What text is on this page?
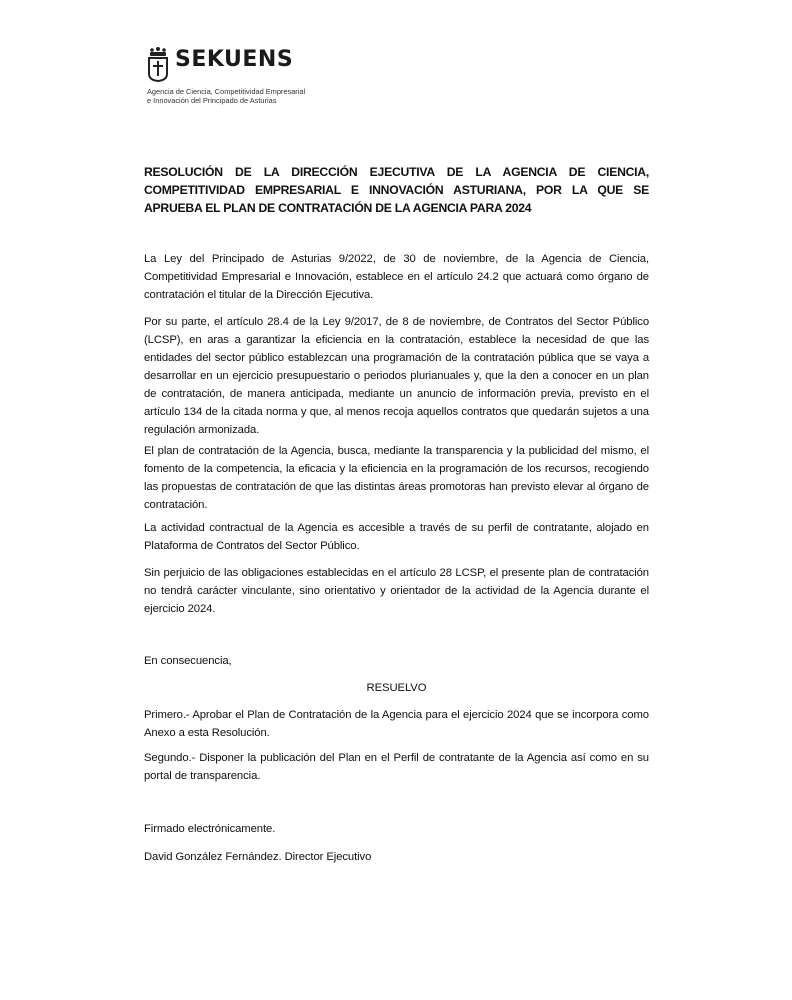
SEKUENS
Agencia de Ciencia, Competitividad Empresarial
e Innovación del Principado de Asturias

RESOLUCIÓN DE LA DIRECCIÓN EJECUTIVA DE LA AGENCIA DE CIENCIA, COMPETITIVIDAD EMPRESARIAL E INNOVACIÓN ASTURIANA, POR LA QUE SE APRUEBA EL PLAN DE CONTRATACIÓN DE LA AGENCIA PARA 2024

La Ley del Principado de Asturias 9/2022, de 30 de noviembre, de la Agencia de Ciencia, Competitividad Empresarial e Innovación, establece en el artículo 24.2 que actuará como órgano de contratación el titular de la Dirección Ejecutiva.

Por su parte, el artículo 28.4 de la Ley 9/2017, de 8 de noviembre, de Contratos del Sector Público (LCSP), en aras a garantizar la eficiencia en la contratación, establece la necesidad de que las entidades del sector público establezcan una programación de la contratación pública que se vaya a desarrollar en un ejercicio presupuestario o periodos plurianuales y, que la den a conocer en un plan de contratación, de manera anticipada, mediante un anuncio de información previa, previsto en el artículo 134 de la citada norma y que, al menos recoja aquellos contratos que quedarán sujetos a una regulación armonizada.

El plan de contratación de la Agencia, busca, mediante la transparencia y la publicidad del mismo, el fomento de la competencia, la eficacia y la eficiencia en la programación de los recursos, recogiendo las propuestas de contratación de que las distintas áreas promotoras han previsto elevar al órgano de contratación.

La actividad contractual de la Agencia es accesible a través de su perfil de contratante, alojado en Plataforma de Contratos del Sector Público.

Sin perjuicio de las obligaciones establecidas en el artículo 28 LCSP, el presente plan de contratación no tendrá carácter vinculante, sino orientativo y orientador de la actividad de la Agencia durante el ejercicio 2024.

En consecuencia,

RESUELVO

Primero.- Aprobar el Plan de Contratación de la Agencia para el ejercicio 2024 que se incorpora como Anexo a esta Resolución.

Segundo.- Disponer la publicación del Plan en el Perfil de contratante de la Agencia así como en su portal de transparencia.

Firmado electrónicamente.

David González Fernández. Director Ejecutivo
